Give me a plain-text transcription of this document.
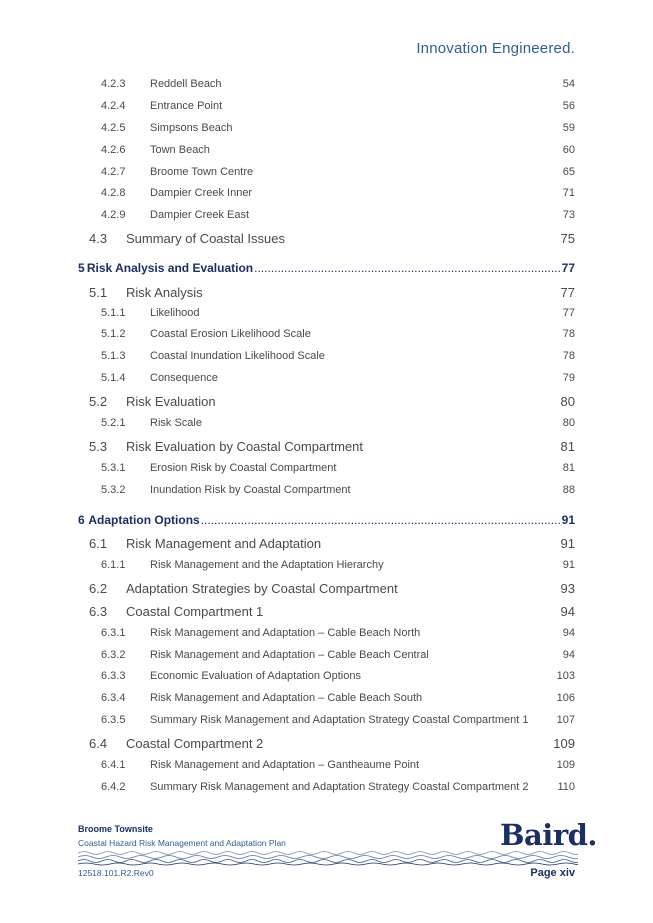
Innovation Engineered.
4.2.3	Reddell Beach	54
4.2.4	Entrance Point	56
4.2.5	Simpsons Beach	59
4.2.6	Town Beach	60
4.2.7	Broome Town Centre	65
4.2.8	Dampier Creek Inner	71
4.2.9	Dampier Creek East	73
4.3	Summary of Coastal Issues	75
5 Risk Analysis and Evaluation .....	77
5.1	Risk Analysis	77
5.1.1	Likelihood	77
5.1.2	Coastal Erosion Likelihood Scale	78
5.1.3	Coastal Inundation Likelihood Scale	78
5.1.4	Consequence	79
5.2	Risk Evaluation	80
5.2.1	Risk Scale	80
5.3	Risk Evaluation by Coastal Compartment	81
5.3.1	Erosion Risk by Coastal Compartment	81
5.3.2	Inundation Risk by Coastal Compartment	88
6 Adaptation Options .....	91
6.1	Risk Management and Adaptation	91
6.1.1	Risk Management and the Adaptation Hierarchy	91
6.2	Adaptation Strategies by Coastal Compartment	93
6.3	Coastal Compartment 1	94
6.3.1	Risk Management and Adaptation – Cable Beach North	94
6.3.2	Risk Management and Adaptation – Cable Beach Central	94
6.3.3	Economic Evaluation of Adaptation Options	103
6.3.4	Risk Management and Adaptation – Cable Beach South	106
6.3.5	Summary Risk Management and Adaptation Strategy Coastal Compartment 1	107
6.4	Coastal Compartment 2	109
6.4.1	Risk Management and Adaptation – Gantheaume Point	109
6.4.2	Summary Risk Management and Adaptation Strategy Coastal Compartment 2	110
Broome Townsite
Coastal Hazard Risk Management and Adaptation Plan	Baird.
12518.101.R2.Rev0	Page xiv
